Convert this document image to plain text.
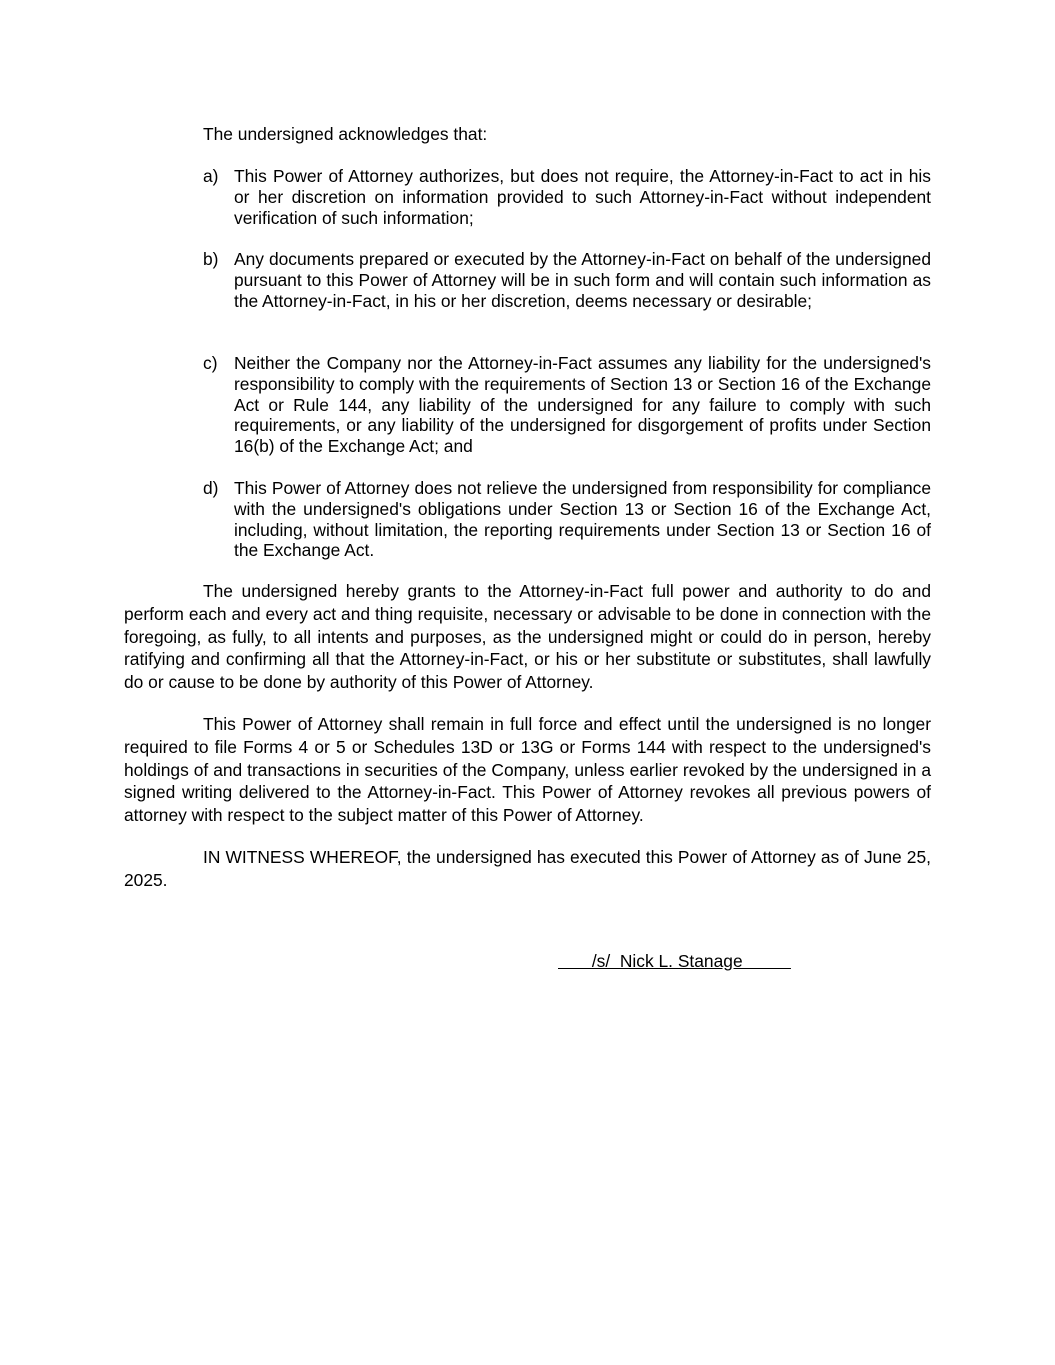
The undersigned acknowledges that:

a) This Power of Attorney authorizes, but does not require, the Attorney-in-Fact to act in his or her discretion on information provided to such Attorney-in-Fact without independent verification of such information;

b) Any documents prepared or executed by the Attorney-in-Fact on behalf of the undersigned pursuant to this Power of Attorney will be in such form and will contain such information as the Attorney-in-Fact, in his or her discretion, deems necessary or desirable;

c) Neither the Company nor the Attorney-in-Fact assumes any liability for the undersigned's responsibility to comply with the requirements of Section 13 or Section 16 of the Exchange Act or Rule 144, any liability of the undersigned for any failure to comply with such requirements, or any liability of the undersigned for disgorgement of profits under Section 16(b) of the Exchange Act; and

d) This Power of Attorney does not relieve the undersigned from responsibility for compliance with the undersigned's obligations under Section 13 or Section 16 of the Exchange Act, including, without limitation, the reporting requirements under Section 13 or Section 16 of the Exchange Act.

The undersigned hereby grants to the Attorney-in-Fact full power and authority to do and perform each and every act and thing requisite, necessary or advisable to be done in connection with the foregoing, as fully, to all intents and purposes, as the undersigned might or could do in person, hereby ratifying and confirming all that the Attorney-in-Fact, or his or her substitute or substitutes, shall lawfully do or cause to be done by authority of this Power of Attorney.

This Power of Attorney shall remain in full force and effect until the undersigned is no longer required to file Forms 4 or 5 or Schedules 13D or 13G or Forms 144 with respect to the undersigned's holdings of and transactions in securities of the Company, unless earlier revoked by the undersigned in a signed writing delivered to the Attorney-in-Fact. This Power of Attorney revokes all previous powers of attorney with respect to the subject matter of this Power of Attorney.

IN WITNESS WHEREOF, the undersigned has executed this Power of Attorney as of June 25, 2025.

/s/  Nick L. Stanage
